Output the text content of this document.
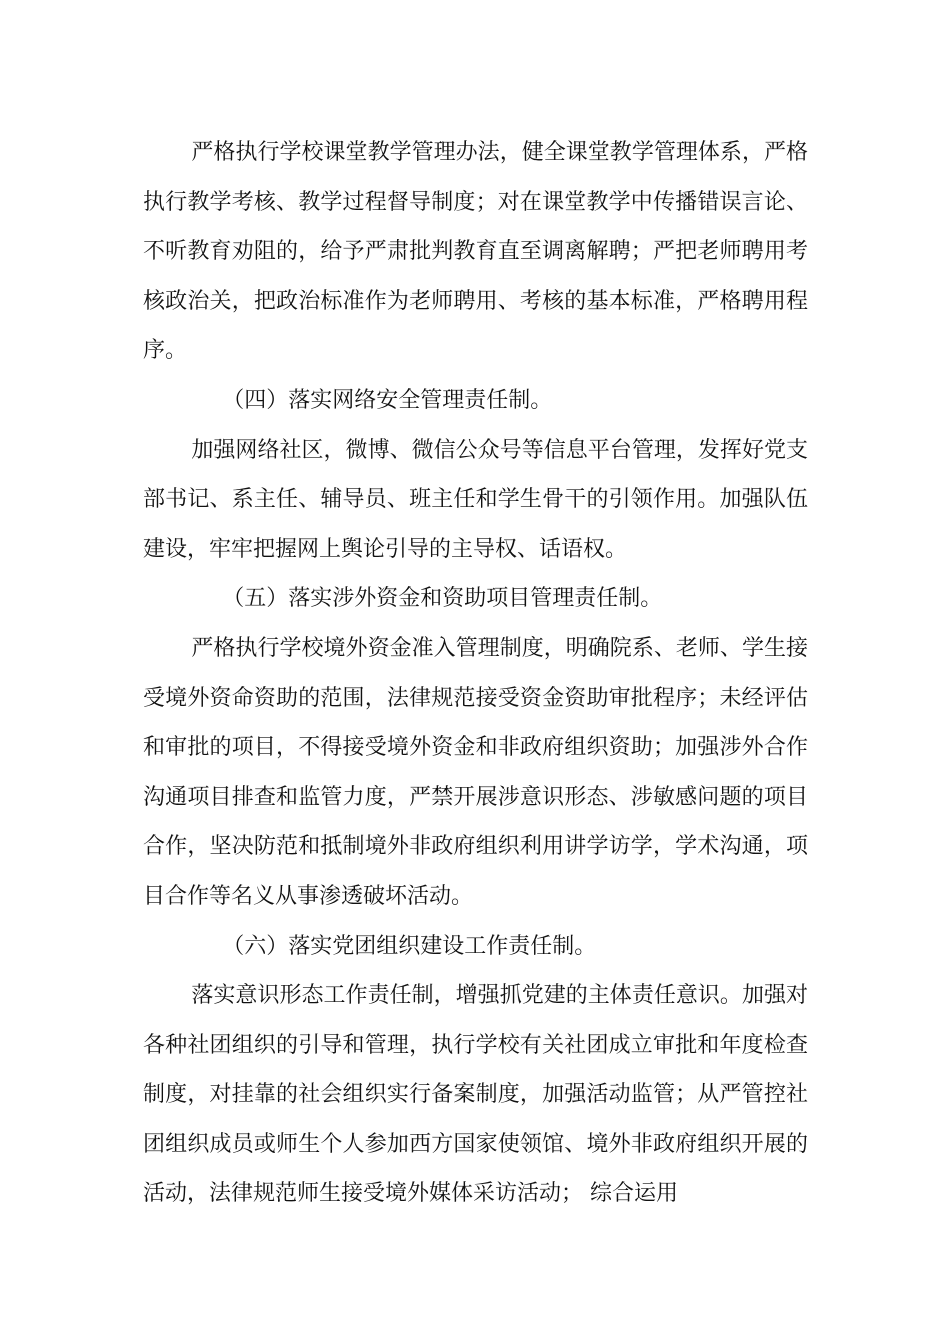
严格执行学校课堂教学管理办法，健全课堂教学管理体系，严格执行教学考核、教学过程督导制度；对在课堂教学中传播错误言论、不听教育劝阻的，给予严肃批判教育直至调离解聘；严把老师聘用考核政治关，把政治标准作为老师聘用、考核的基本标准，严格聘用程序。

（四）落实网络安全管理责任制。

加强网络社区，微博、微信公众号等信息平台管理，发挥好党支部书记、系主任、辅导员、班主任和学生骨干的引领作用。加强队伍建设，牢牢把握网上舆论引导的主导权、话语权。

（五）落实涉外资金和资助项目管理责任制。

严格执行学校境外资金准入管理制度，明确院系、老师、学生接受境外资命资助的范围，法律规范接受资金资助审批程序；未经评估和审批的项目，不得接受境外资金和非政府组织资助；加强涉外合作沟通项目排查和监管力度，严禁开展涉意识形态、涉敏感问题的项目合作，坚决防范和抵制境外非政府组织利用讲学访学，学术沟通，项目合作等名义从事渗透破坏活动。

（六）落实党团组织建设工作责任制。

落实意识形态工作责任制，增强抓党建的主体责任意识。加强对各种社团组织的引导和管理，执行学校有关社团成立审批和年度检查制度，对挂靠的社会组织实行备案制度，加强活动监管；从严管控社团组织成员或师生个人参加西方国家使领馆、境外非政府组织开展的活动，法律规范师生接受境外媒体采访活动； 综合运用
